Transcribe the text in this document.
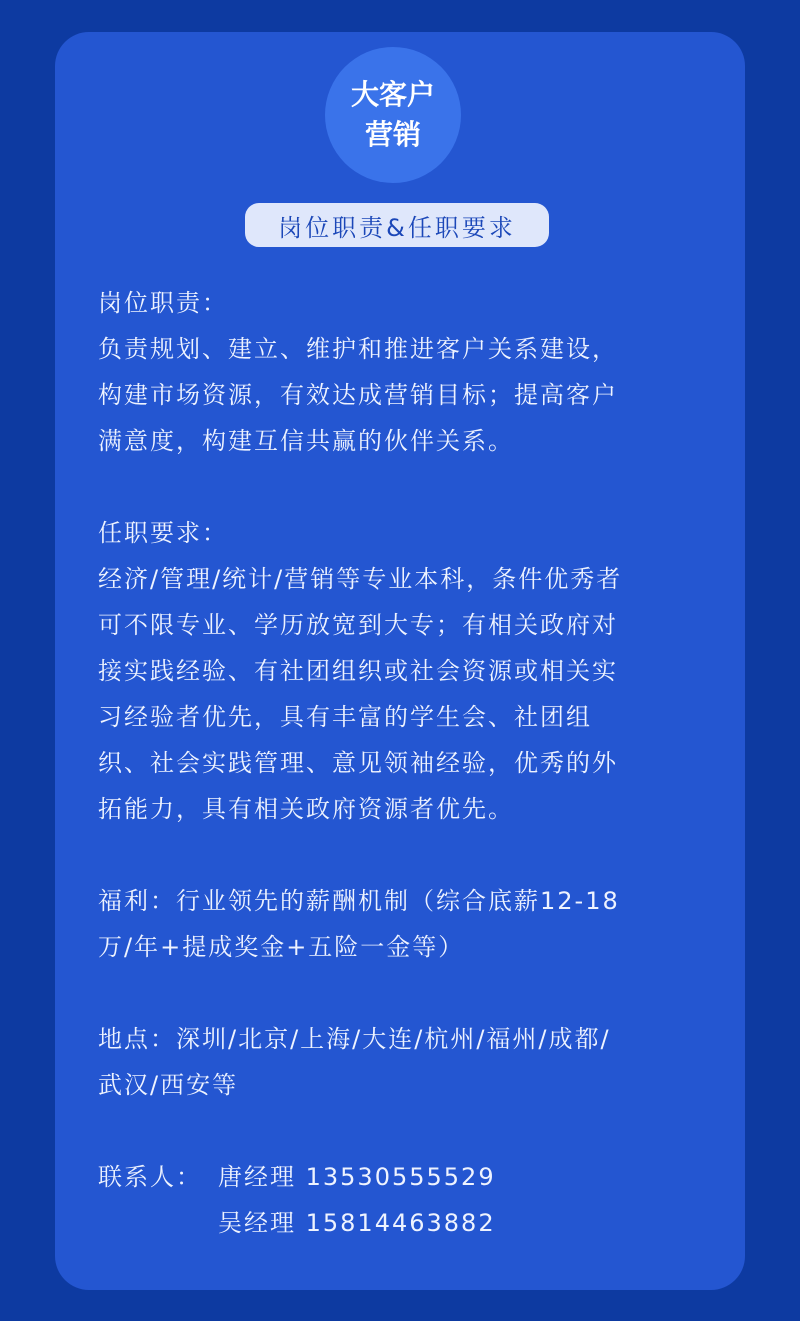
大客户
营销
岗位职责&任职要求
岗位职责：
负责规划、建立、维护和推进客户关系建设，
构建市场资源，有效达成营销目标；提高客户
满意度，构建互信共赢的伙伴关系。
任职要求：
经济/管理/统计/营销等专业本科，条件优秀者
可不限专业、学历放宽到大专；有相关政府对
接实践经验、有社团组织或社会资源或相关实
习经验者优先，具有丰富的学生会、社团组
织、社会实践管理、意见领袖经验，优秀的外
拓能力，具有相关政府资源者优先。
福利：行业领先的薪酬机制（综合底薪12-18
万/年+提成奖金+五险一金等）
地点：深圳/北京/上海/大连/杭州/福州/成都/
武汉/西安等
联系人： 唐经理 13530555529
吴经理 15814463882
